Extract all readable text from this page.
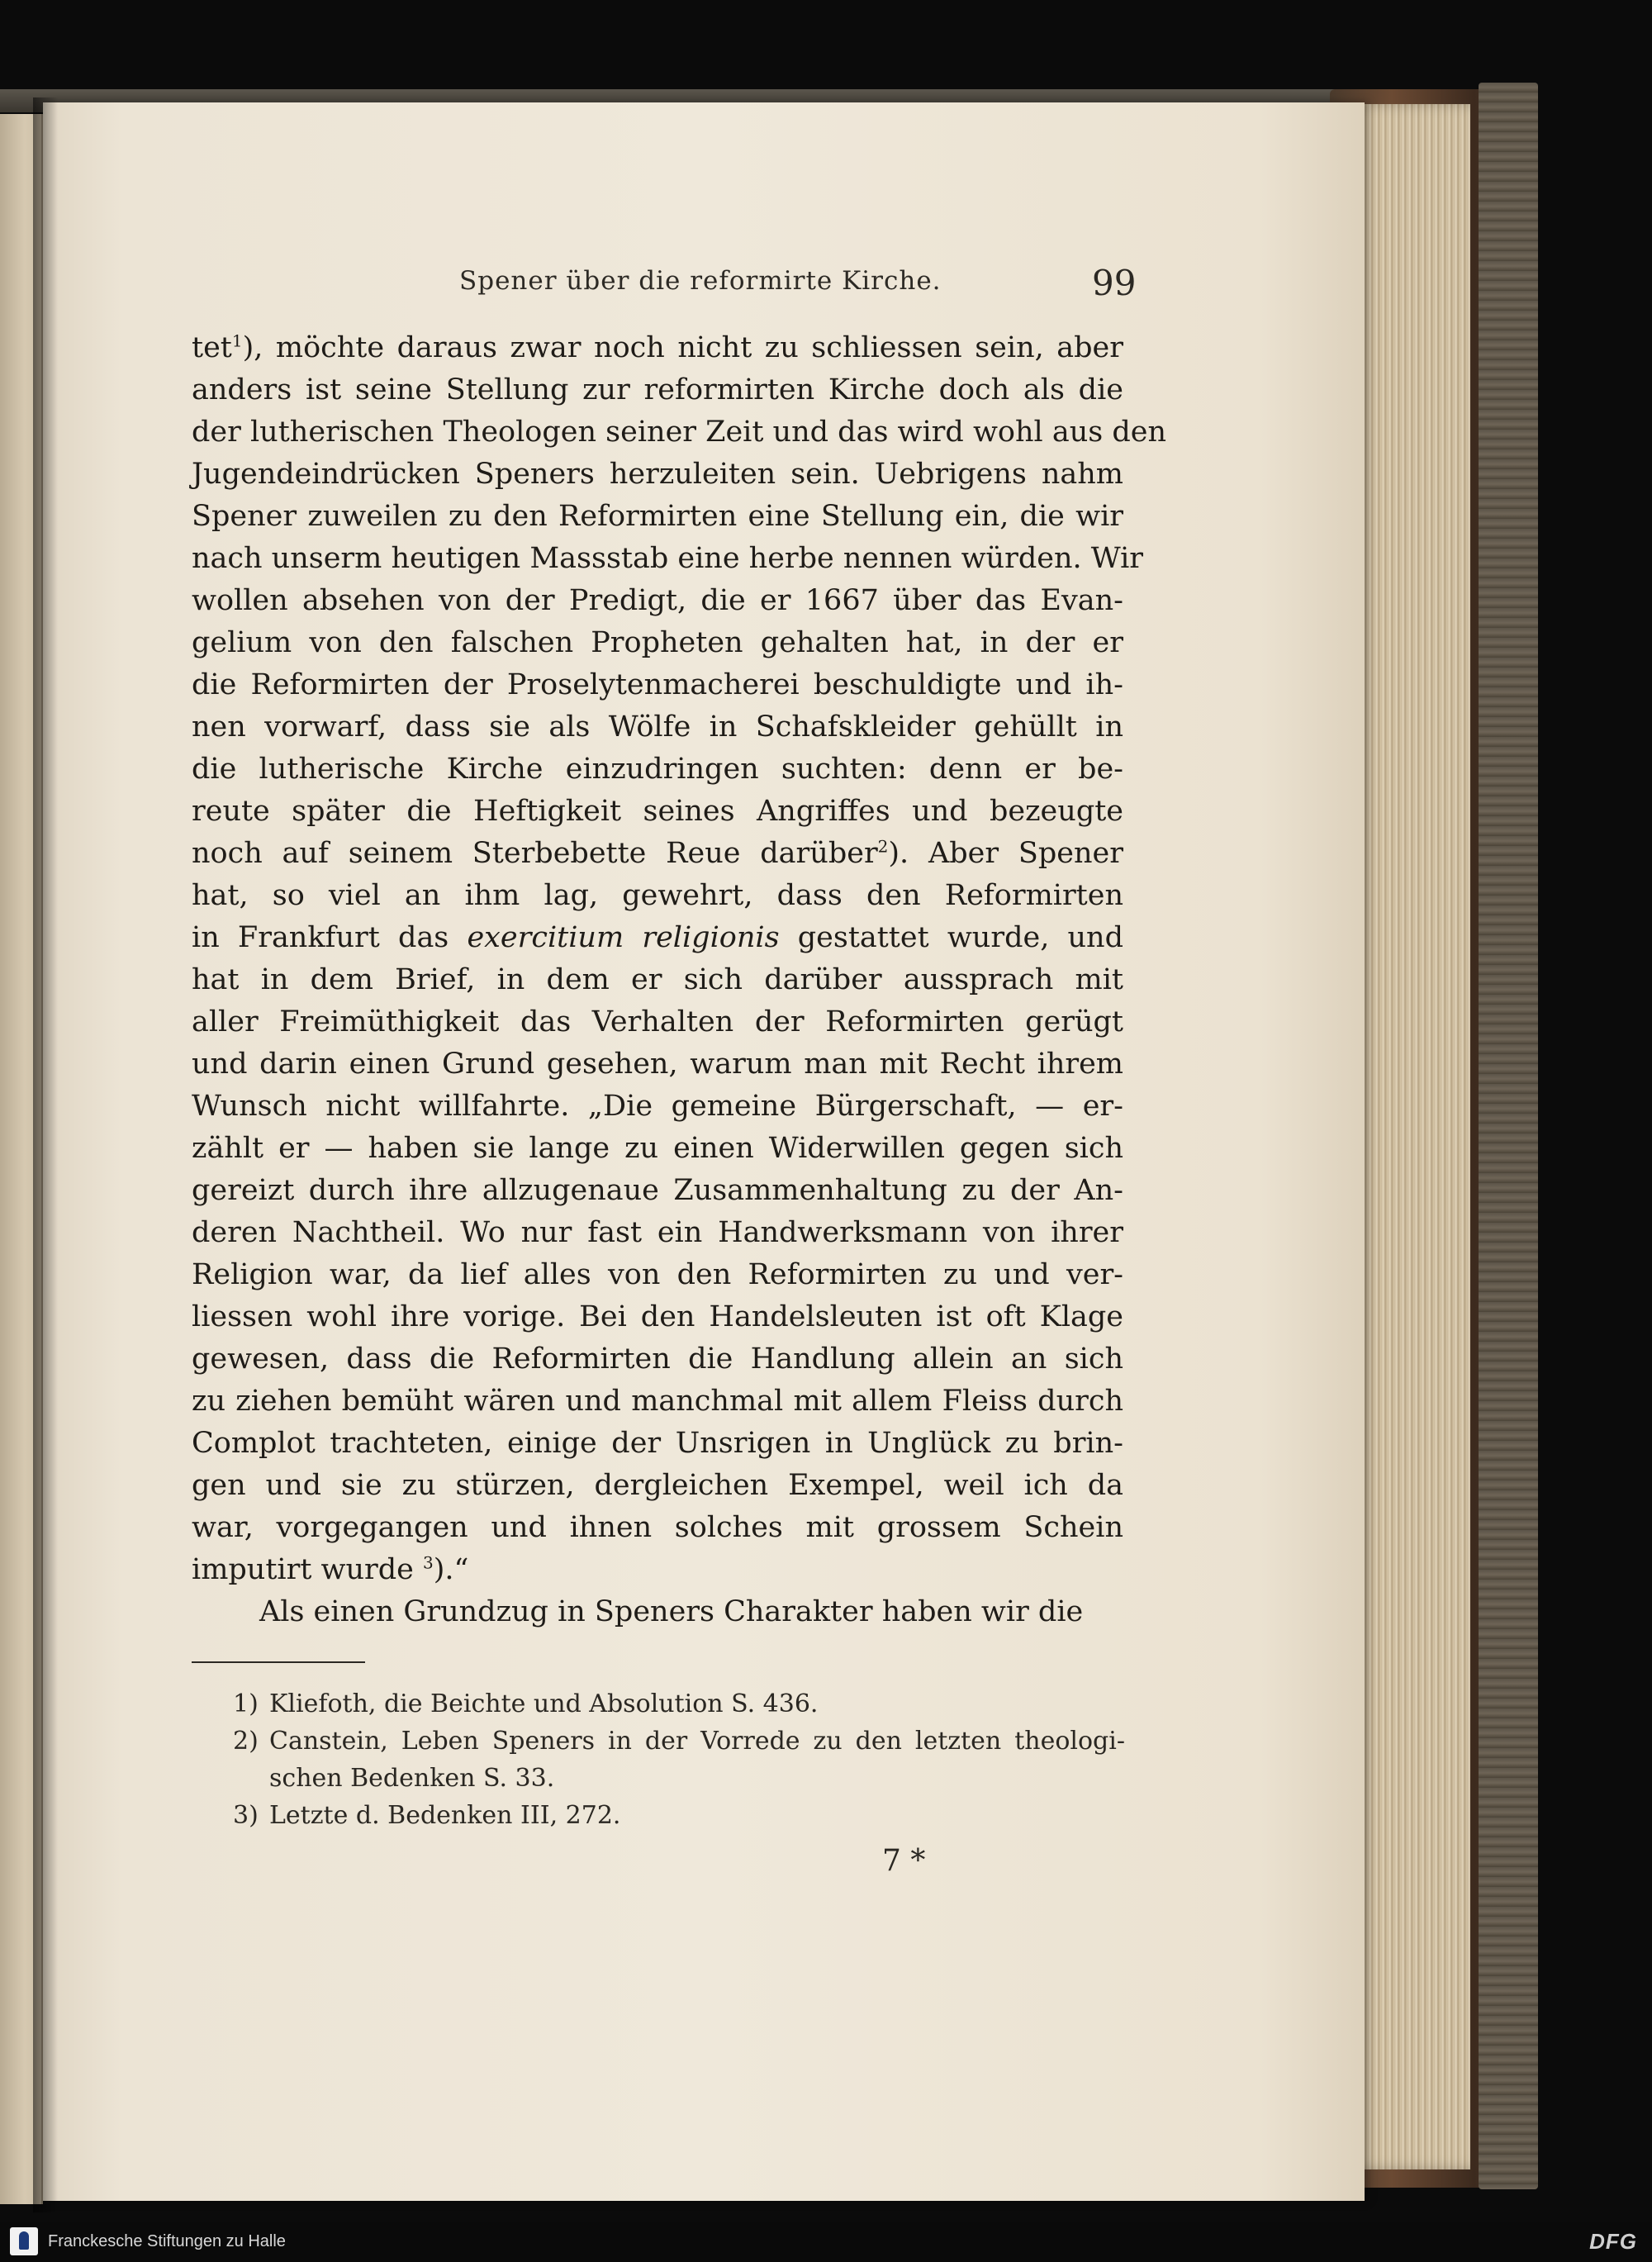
Spener über die reformirte Kirche.	99
tet$^1$), möchte daraus zwar noch nicht zu schliessen sein, aber
anders ist seine Stellung zur reformirten Kirche doch als die
der lutherischen Theologen seiner Zeit und das wird wohl aus den
Jugendeindrücken Speners herzuleiten sein. Uebrigens nahm
Spener zuweilen zu den Reformirten eine Stellung ein, die wir
nach unserm heutigen Massstab eine herbe nennen würden. Wir
wollen absehen von der Predigt, die er 1667 über das Evan-
gelium von den falschen Propheten gehalten hat, in der er
die Reformirten der Proselytenmacherei beschuldigte und ih-
nen vorwarf, dass sie als Wölfe in Schafskleider gehüllt in
die lutherische Kirche einzudringen suchten: denn er be-
reute später die Heftigkeit seines Angriffes und bezeugte
noch auf seinem Sterbebette Reue darüber$^2$). Aber Spener
hat, so viel an ihm lag, gewehrt, dass den Reformirten
in Frankfurt das exercitium religionis gestattet wurde, und
hat in dem Brief, in dem er sich darüber aussprach mit
aller Freimüthigkeit das Verhalten der Reformirten gerügt
und darin einen Grund gesehen, warum man mit Recht ihrem
Wunsch nicht willfahrte. „Die gemeine Bürgerschaft, — er-
zählt er — haben sie lange zu einen Widerwillen gegen sich
gereizt durch ihre allzugenaue Zusammenhaltung zu der An-
deren Nachtheil. Wo nur fast ein Handwerksmann von ihrer
Religion war, da lief alles von den Reformirten zu und ver-
liessen wohl ihre vorige. Bei den Handelsleuten ist oft Klage
gewesen, dass die Reformirten die Handlung allein an sich
zu ziehen bemüht wären und manchmal mit allem Fleiss durch
Complot trachteten, einige der Unsrigen in Unglück zu brin-
gen und sie zu stürzen, dergleichen Exempel, weil ich da
war, vorgegangen und ihnen solches mit grossem Schein
imputirt wurde $^3$).“
Als einen Grundzug in Speners Charakter haben wir die
1) Kliefoth, die Beichte und Absolution S. 436.
2) Canstein, Leben Speners in der Vorrede zu den letzten theologi-
schen Bedenken S. 33.
3) Letzte d. Bedenken III, 272.
7 *
Franckesche Stiftungen zu Halle	DFG
